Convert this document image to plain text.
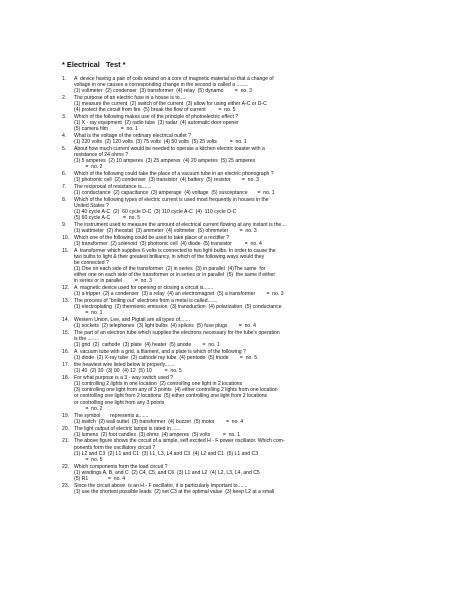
* Electrical   Test *
1.	A  device having a pair of coils wound on a core of magnetic material so that a change of
voltage in one causes a corresponding change in the second is called a ........
(1) voltmeter  (2) condenser  (3) transformer  (4) relay  (5) dynamo        =  no. 3
2.	The purpose of an electric fuse in a house is to.....
(1) measure the current  (2) switch of the current  (3) allow for using either A-C or D-C
(4) protect the circuit from fire  (5) break the flow of current         =  no. 5
3.	Which of the following makes use of the principle of photoelectric effect ?
(1) X - ray equipment  (2) radio tube  (3) radar  (4) automatic door opener
(5) camera film         =  no. 1
4.	What is the voltage of the ordinary electrical outlet ?
(1) 220 volts  (2) 120 volts  (3) 75 volts  (4) 50 volts  (5) 25 volts         =  no. 1
5.	About how much current would be needed to operate a kitchen electric toaster with a
resistance of 24 ohms ?
(1) 5 amperes  (2) 10 amperes  (3) 25 amperes  (4) 20 amperes  (5) 25 amperes
=  no. 2
6.	Which of the following could take the place of a vacuum tube in an electric phonograph ?
(1) photronic cell  (2) condenser  (3) transistor  (4) battery  (5) resistor        =  no. 3
7.	The reciprocal of resistance is.......
(1) conductance  (2) capacitance  (3) amperage  (4) voltage  (5) susceptance       =  no. 1
8.	Which of the following types of electric current is used most frequently in houses in the
United States ?
(1) 40 cycle A-C  (2)  60 cycle D-C  (3) 110 cycle A-C  (4)  110 cycle D-C
(5) 60 cycle A-C         =  no. 5
9.	The instrument used to measure the amount of electrical current flowing at any instant is the....
(1) wattmeter  (2) rheostat  (3) ammeter  (4) voltmeter  (5) ohmmeter        =  no. 3
10. Which one of the following could be used to take place of a rectifier ?
(1) transformer  (2) solenoid  (3) photronic cell  (4) diode  (5) transistor         =  no. 4
11.	A  transformer which supplies 6 volts is connected to two light bulbs. In order to cause the
two bulbs to light & their greatest brilliancy, in which of the following ways would they
be connected ?
(1) One on each side of the transformer  (2) in series  (3) in parallel  (4)The same  for
either one on each side of the transformer or in series or in parallel  (5)  the same if either
in series or in parallel         =  no. 3
12. A  magnetic device used for opening or closing a circuit is.......
(1) a tripper  (2) a condenser  (3) a relay  (4) an electromagnet  (5) a transformer        =  no. 3
13. The process of "boiling out" electrons from a metal is called.......
(1) electroplating  (2) thermionic emission  (3) transduction  (4) polarization  (5) conductance
=  no. 1
14. Western Union, Lee, and Pigtail are all types of.......
(1) sockets  (2) telephones  (3) light bulbs  (4) splices  (5) fuse plugs        =  no. 4
15. The part of an electron tube which supplies the electrons necessary for the tube's operation
is the ........
(1) grid  (2)  cathode  (3) plate  (4) heater  (5) anode        =  no. 1
16. A  vacuum tube with a grid, a filament, and a plate is which of the following ?
(1) diode  (2) X-ray tube  (3) cathode ray tube  (4) pentode  (5) triode        =  no. 5
17. the heaviest wire listed below is properly.......
(1) 40  (2) 30  (3) 00  (4) 12  (5) 10         =  no. 5
18. For what purpose is a 3 - way switch used ?
(1) controlling 2 lights in one location  (2) controlling one light in 2 locations
(3) controlling one light from any of 3 points  (4) either controlling 2 lights from one location
or controlling one light from 2 locations  (5) either controlling one light from 2 locations
or controlling one light from any 3 points
=  no. 2
19. The symbol       represents a.......
(1) switch  (2) wall outlet  (3) transformer  (4) buzzer  (5) motor        =  no. 4
20. The light output of electric lamps is rated in.......
(1) lumens  (2) foot candles  (3) ohms  (4) amperes  (5) volts         =  no. 1
21. The above figure shows the circuit of a simple, self excited H - F power oscillator. Which com-
ponents form the oscillatory circuit ?
(1) L2 and C3  (2) L1 and C1  (3) L1, L3, L4 and C3  (4) L2 and C1  (5) L1 and C3
=  no. 5
22. Which components form the load circuit ?
(1) windings A, B, and C  (2) C4, C5, and C6  (3) L1 and L2  (4) L2, L3, L4, and C5
(5) R1              =  no. 4
23. Since the circuit above  is an H - F oscillator, it is particularly important to.......
(1) use the shortest possible leads  (2) set C3 at the optimal value  (3) keep L2 at a small
